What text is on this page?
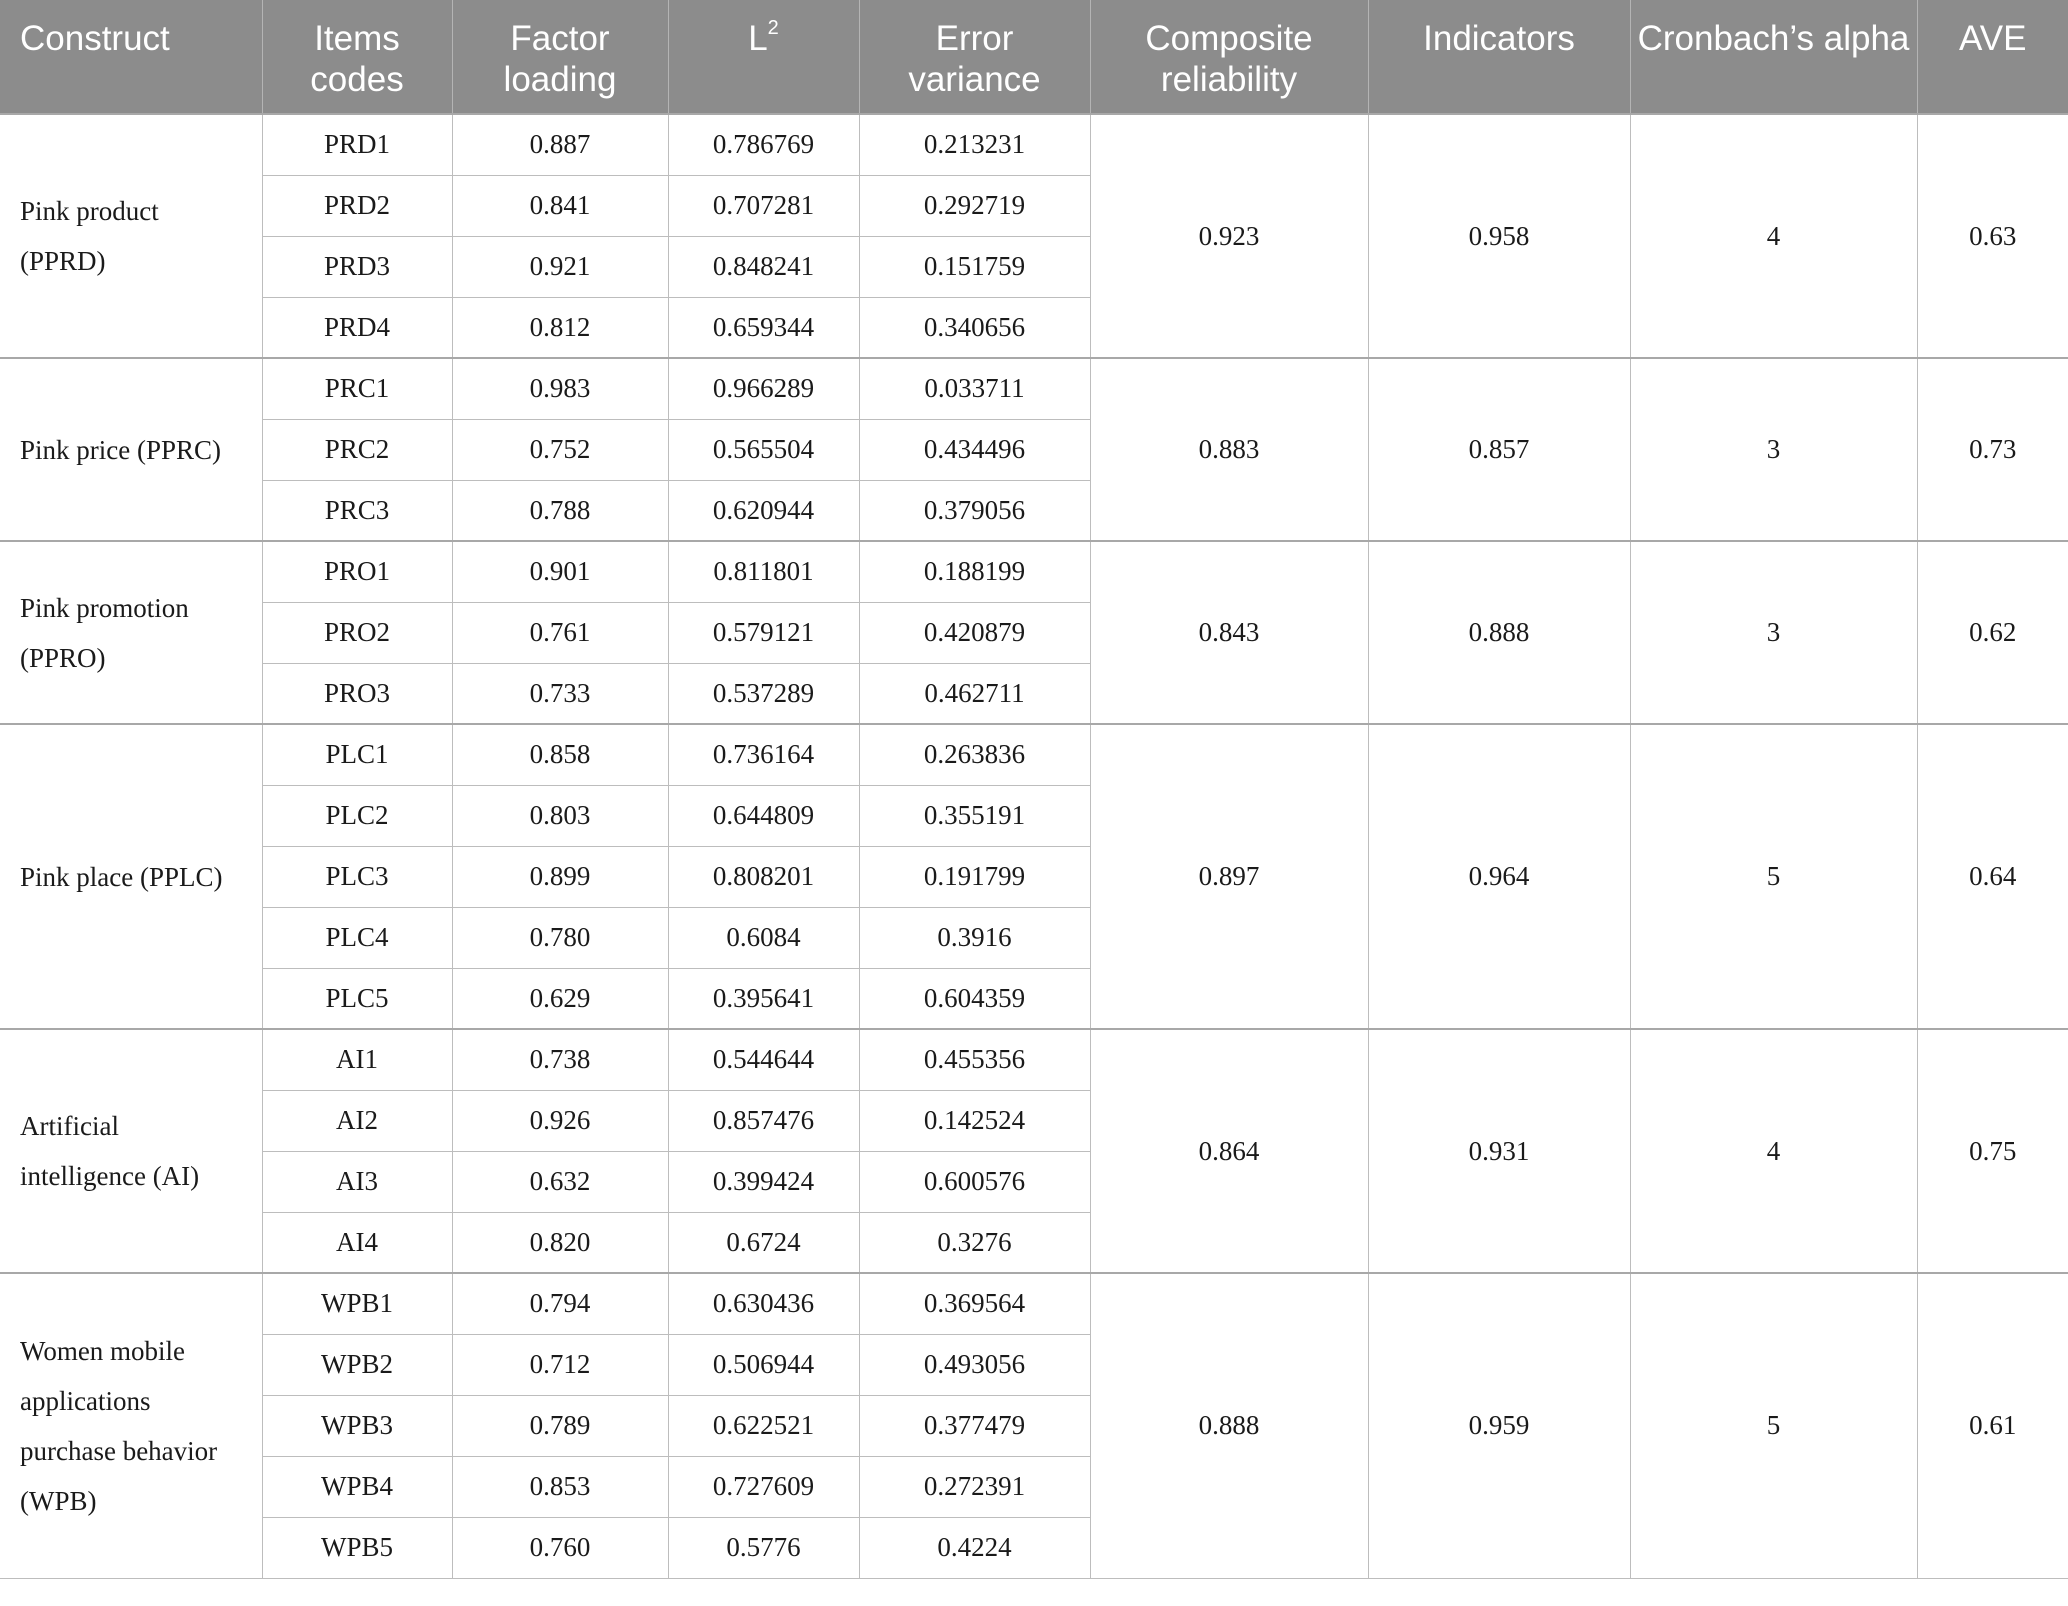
Construct	Items codes	Factor loading	$L^2$	Error variance	Composite reliability	Indicators	Cronbach’s alpha	AVE
Pink product (PPRD)	PRD1	0.887	0.786769	0.213231	0.923	0.958	4	0.63
	PRD2	0.841	0.707281	0.292719				
	PRD3	0.921	0.848241	0.151759				
	PRD4	0.812	0.659344	0.340656				
Pink price (PPRC)	PRC1	0.983	0.966289	0.033711	0.883	0.857	3	0.73
	PRC2	0.752	0.565504	0.434496				
	PRC3	0.788	0.620944	0.379056				
Pink promotion (PPRO)	PRO1	0.901	0.811801	0.188199	0.843	0.888	3	0.62
	PRO2	0.761	0.579121	0.420879				
	PRO3	0.733	0.537289	0.462711				
Pink place (PPLC)	PLC1	0.858	0.736164	0.263836	0.897	0.964	5	0.64
	PLC2	0.803	0.644809	0.355191				
	PLC3	0.899	0.808201	0.191799				
	PLC4	0.780	0.6084	0.3916				
	PLC5	0.629	0.395641	0.604359				
Artificial intelligence (AI)	AI1	0.738	0.544644	0.455356	0.864	0.931	4	0.75
	AI2	0.926	0.857476	0.142524				
	AI3	0.632	0.399424	0.600576				
	AI4	0.820	0.6724	0.3276				
Women mobile applications purchase behavior (WPB)	WPB1	0.794	0.630436	0.369564	0.888	0.959	5	0.61
	WPB2	0.712	0.506944	0.493056				
	WPB3	0.789	0.622521	0.377479				
	WPB4	0.853	0.727609	0.272391				
	WPB5	0.760	0.5776	0.4224				
